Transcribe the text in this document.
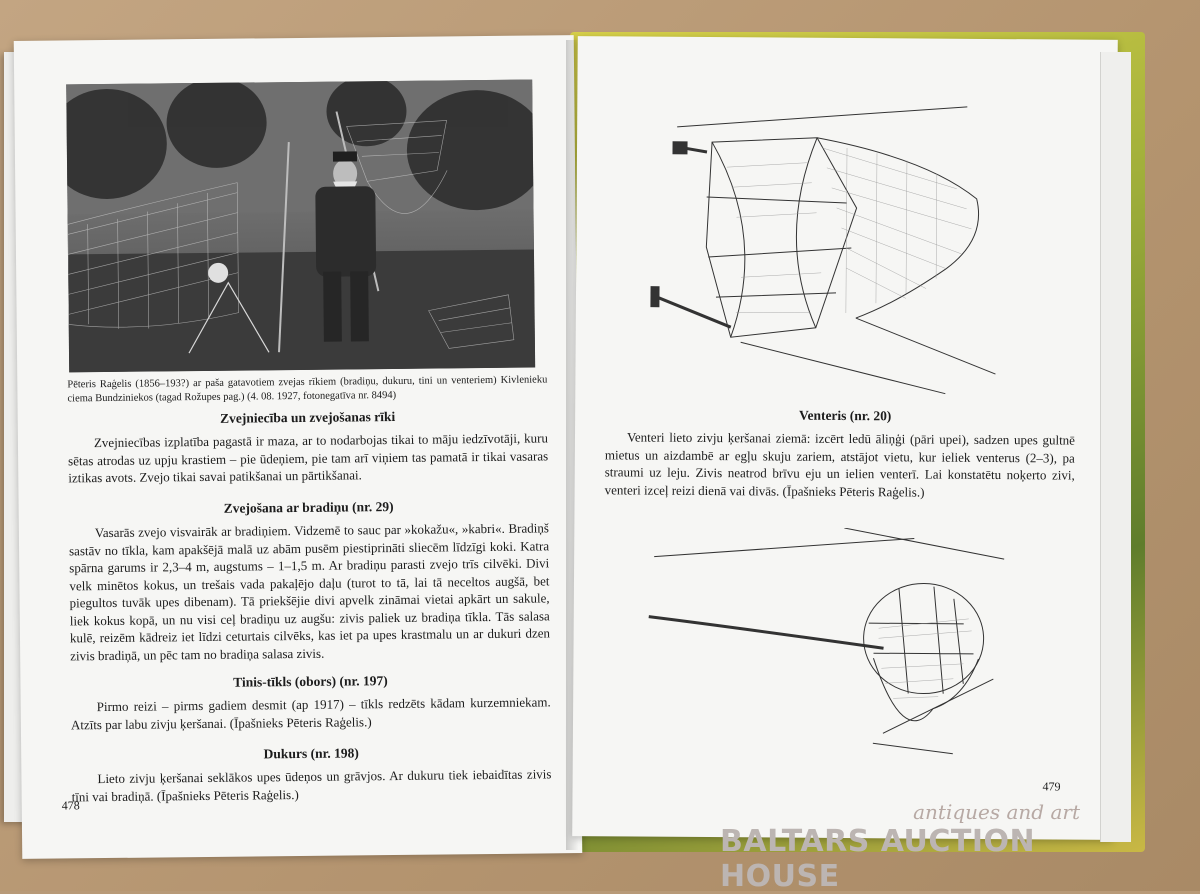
Pēteris Raģelis (1856–193?) ar paša gatavotiem zvejas rīkiem (bradiņu, dukuru, tini un venteriem) Kivlenieku ciema Bundziniekos (tagad Rožupes pag.) (4. 08. 1927, fotonegatīva nr. 8494)
Zvejniecība un zvejošanas rīki
Zvejniecības izplatība pagastā ir maza, ar to nodarbojas tikai to māju iedzīvotāji, kuru sētas atrodas uz upju krastiem – pie ūdeņiem, pie tam arī viņiem tas pamatā ir tikai vasaras iztikas avots. Zvejo tikai savai patikšanai un pārtikšanai.
Zvejošana ar bradiņu (nr. 29)
Vasarās zvejo visvairāk ar bradiņiem. Vidzemē to sauc par »kokažu«, »kabri«. Bradiņš sastāv no tīkla, kam apakšējā malā uz abām pusēm piestiprināti sliecēm līdzīgi koki. Katra spārna garums ir 2,3–4 m, augstums – 1–1,5 m. Ar bradiņu parasti zvejo trīs cilvēki. Divi velk minētos kokus, un trešais vada pakaļējo daļu (turot to tā, lai tā neceltos augšā, bet piegultos tuvāk upes dibenam). Tā priekšējie divi apvelk zināmai vietai apkārt un sakule, liek kokus kopā, un nu visi ceļ bradiņu uz augšu: zivis paliek uz bradiņa tīkla. Tās salasa kulē, reizēm kādreiz iet līdzi ceturtais cilvēks, kas iet pa upes krastmalu un ar dukuri dzen zivis bradiņā, un pēc tam no bradiņa salasa zivis.
Tinis-tīkls (obors) (nr. 197)
Pirmo reizi – pirms gadiem desmit (ap 1917) – tīkls redzēts kādam kurzemniekam. Atzīts par labu zivju ķeršanai. (Īpašnieks Pēteris Raģelis.)
Dukurs (nr. 198)
Lieto zivju ķeršanai seklākos upes ūdeņos un grāvjos. Ar dukuru tiek iebaidītas zivis tīni vai bradiņā. (Īpašnieks Pēteris Raģelis.)
478
Venteris (nr. 20)
Venteri lieto zivju ķeršanai ziemā: izcērt ledū āliņģi (pāri upei), sadzen upes gultnē mietus un aizdambē ar egļu skuju zariem, atstājot vietu, kur ieliek venterus (2–3), pa straumi uz leju. Zivis neatrod brīvu eju un ielien venterī. Lai konstatētu noķerto zivi, venteri izceļ reizi dienā vai divās. (Īpašnieks Pēteris Raģelis.)
479
antiques and art
BALTARS AUCTION HOUSE
